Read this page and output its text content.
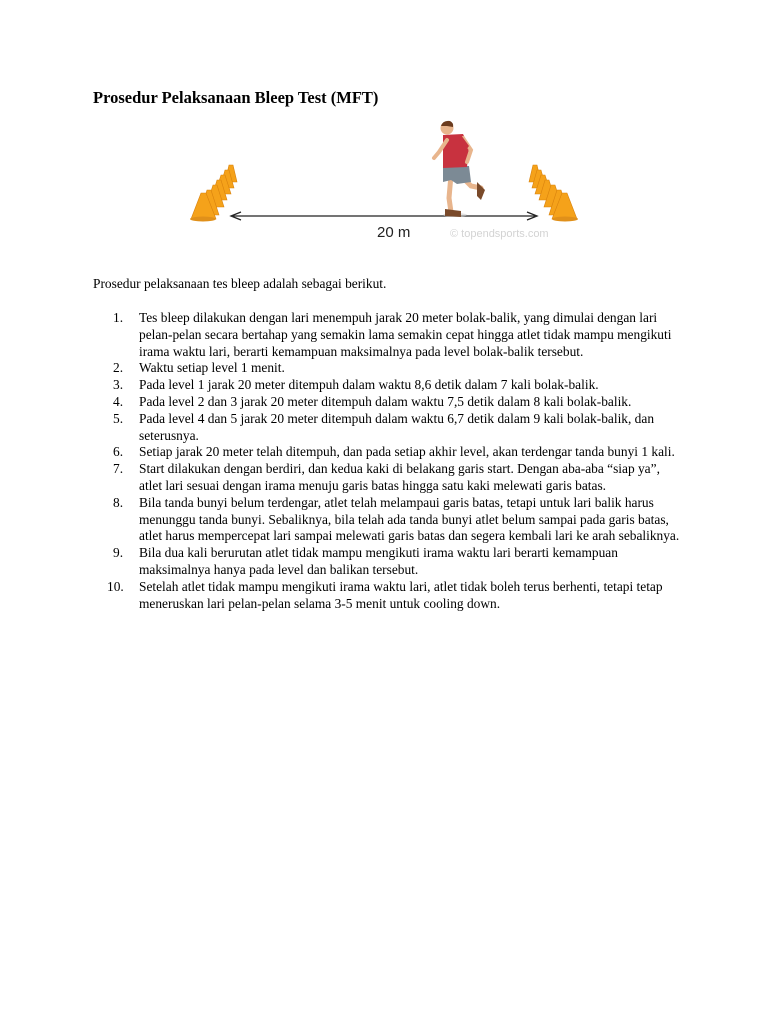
Prosedur Pelaksanaan Bleep Test (MFT)
20 m	© topendsports.com
Prosedur pelaksanaan tes bleep adalah sebagai berikut.
1. Tes bleep dilakukan dengan lari menempuh jarak 20 meter bolak-balik, yang dimulai dengan lari pelan-pelan secara bertahap yang semakin lama semakin cepat hingga atlet tidak mampu mengikuti irama waktu lari, berarti kemampuan maksimalnya pada level bolak-balik tersebut.
2. Waktu setiap level 1 menit.
3. Pada level 1 jarak 20 meter ditempuh dalam waktu 8,6 detik dalam 7 kali bolak-balik.
4. Pada level 2 dan 3 jarak 20 meter ditempuh dalam waktu 7,5 detik dalam 8 kali bolak-balik.
5. Pada level 4 dan 5 jarak 20 meter ditempuh dalam waktu 6,7 detik dalam 9 kali bolak-balik, dan seterusnya.
6. Setiap jarak 20 meter telah ditempuh, dan pada setiap akhir level, akan terdengar tanda bunyi 1 kali.
7. Start dilakukan dengan berdiri, dan kedua kaki di belakang garis start. Dengan aba-aba “siap ya”, atlet lari sesuai dengan irama menuju garis batas hingga satu kaki melewati garis batas.
8. Bila tanda bunyi belum terdengar, atlet telah melampaui garis batas, tetapi untuk lari balik harus menunggu tanda bunyi. Sebaliknya, bila telah ada tanda bunyi atlet belum sampai pada garis batas, atlet harus mempercepat lari sampai melewati garis batas dan segera kembali lari ke arah sebaliknya.
9. Bila dua kali berurutan atlet tidak mampu mengikuti irama waktu lari berarti kemampuan maksimalnya hanya pada level dan balikan tersebut.
10. Setelah atlet tidak mampu mengikuti irama waktu lari, atlet tidak boleh terus berhenti, tetapi tetap meneruskan lari pelan-pelan selama 3-5 menit untuk cooling down.
